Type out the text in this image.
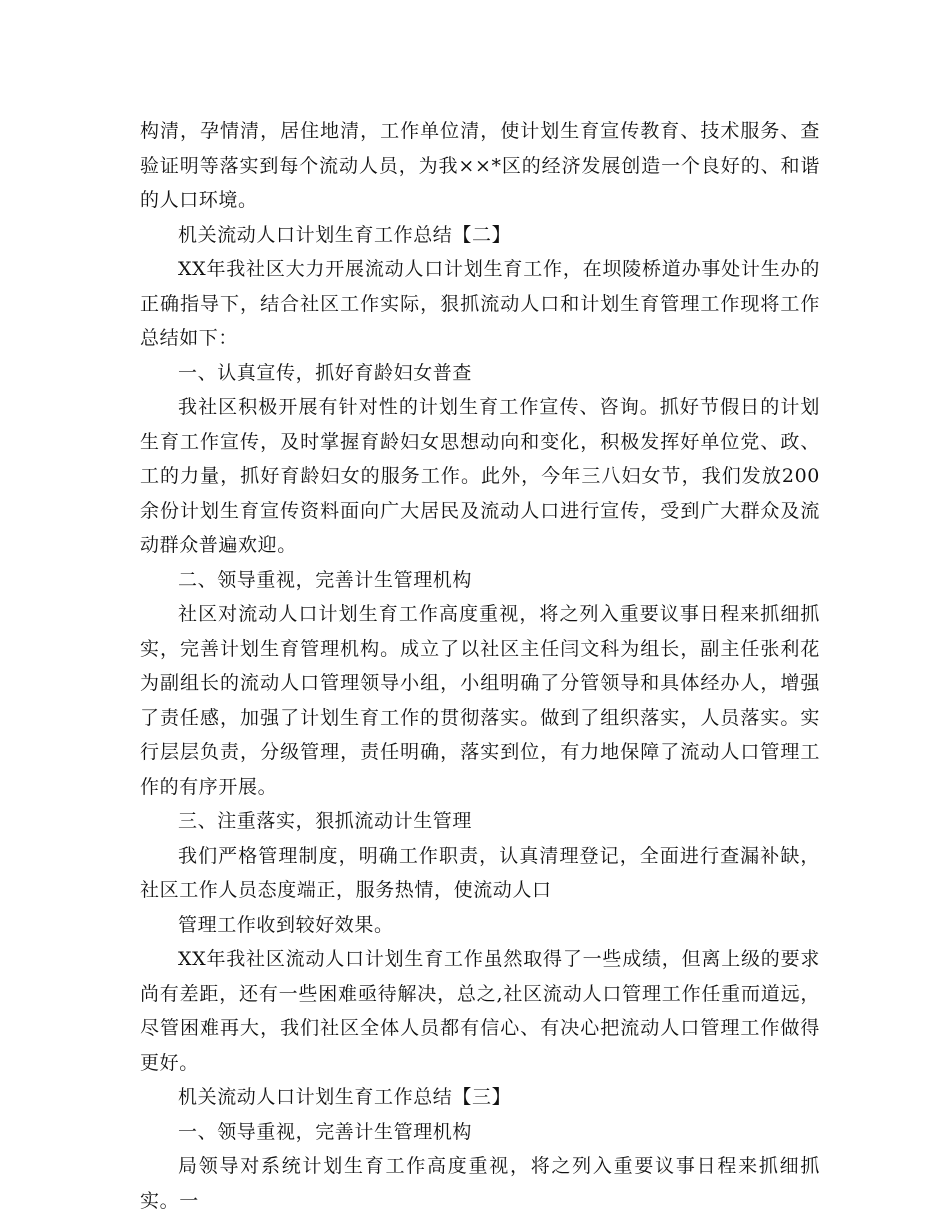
构清，孕情清，居住地清，工作单位清，使计划生育宣传教育、技术服务、查验证明等落实到每个流动人员，为我××*区的经济发展创造一个良好的、和谐的人口环境。

机关流动人口计划生育工作总结【二】

XX年我社区大力开展流动人口计划生育工作，在坝陵桥道办事处计生办的正确指导下，结合社区工作实际，狠抓流动人口和计划生育管理工作现将工作总结如下：

一、认真宣传，抓好育龄妇女普查

我社区积极开展有针对性的计划生育工作宣传、咨询。抓好节假日的计划生育工作宣传，及时掌握育龄妇女思想动向和变化，积极发挥好单位党、政、工的力量，抓好育龄妇女的服务工作。此外，今年三八妇女节，我们发放200余份计划生育宣传资料面向广大居民及流动人口进行宣传，受到广大群众及流动群众普遍欢迎。

二、领导重视，完善计生管理机构

社区对流动人口计划生育工作高度重视，将之列入重要议事日程来抓细抓实，完善计划生育管理机构。成立了以社区主任闫文科为组长，副主任张利花为副组长的流动人口管理领导小组，小组明确了分管领导和具体经办人，增强了责任感，加强了计划生育工作的贯彻落实。做到了组织落实，人员落实。实行层层负责，分级管理，责任明确，落实到位，有力地保障了流动人口管理工作的有序开展。

三、注重落实，狠抓流动计生管理

我们严格管理制度，明确工作职责，认真清理登记，全面进行查漏补缺，社区工作人员态度端正，服务热情，使流动人口

管理工作收到较好效果。

XX年我社区流动人口计划生育工作虽然取得了一些成绩，但离上级的要求尚有差距，还有一些困难亟待解决，总之,社区流动人口管理工作任重而道远，尽管困难再大，我们社区全体人员都有信心、有决心把流动人口管理工作做得更好。

机关流动人口计划生育工作总结【三】

一、领导重视，完善计生管理机构

局领导对系统计划生育工作高度重视，将之列入重要议事日程来抓细抓实。一
